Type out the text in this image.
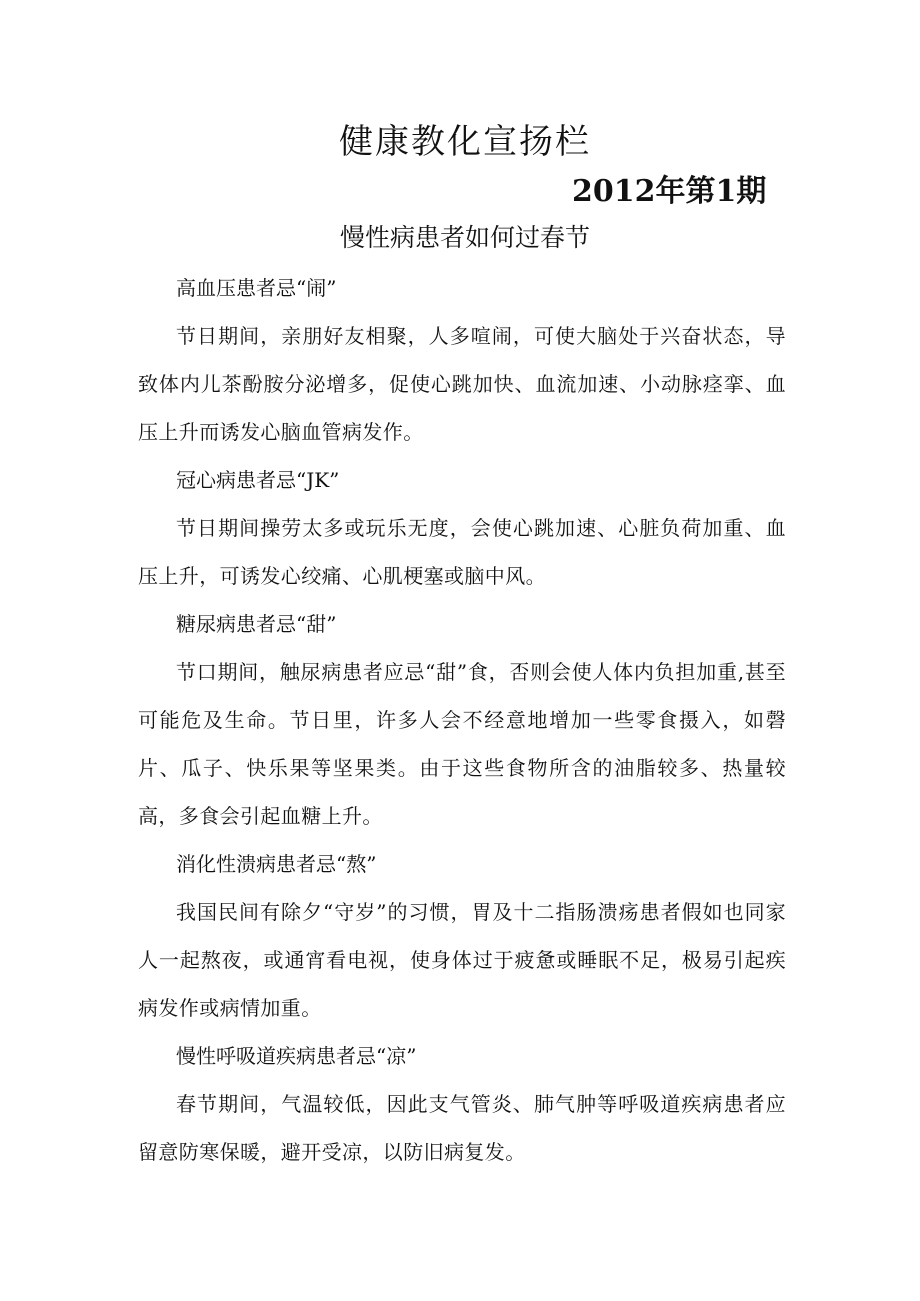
健康教化宣扬栏
2012年第1期
慢性病患者如何过春节

高血压患者忌“闹”

节日期间，亲朋好友相聚，人多喧闹，可使大脑处于兴奋状态，导致体内儿茶酚胺分泌增多，促使心跳加快、血流加速、小动脉痉挛、血压上升而诱发心脑血管病发作。

冠心病患者忌“JK”

节日期间操劳太多或玩乐无度，会使心跳加速、心脏负荷加重、血压上升，可诱发心绞痛、心肌梗塞或脑中风。

糖尿病患者忌“甜”

节口期间，触尿病患者应忌“甜”食，否则会使人体内负担加重,甚至可能危及生命。节日里，许多人会不经意地增加一些零食摄入，如磬片、瓜子、快乐果等坚果类。由于这些食物所含的油脂较多、热量较高，多食会引起血糖上升。

消化性溃病患者忌“熬”

我国民间有除夕“守岁”的习惯，胃及十二指肠溃疡患者假如也同家人一起熬夜，或通宵看电视，使身体过于疲惫或睡眠不足，极易引起疾病发作或病情加重。

慢性呼吸道疾病患者忌“凉”

春节期间，气温较低，因此支气管炎、肺气肿等呼吸道疾病患者应留意防寒保暖，避开受凉，以防旧病复发。
